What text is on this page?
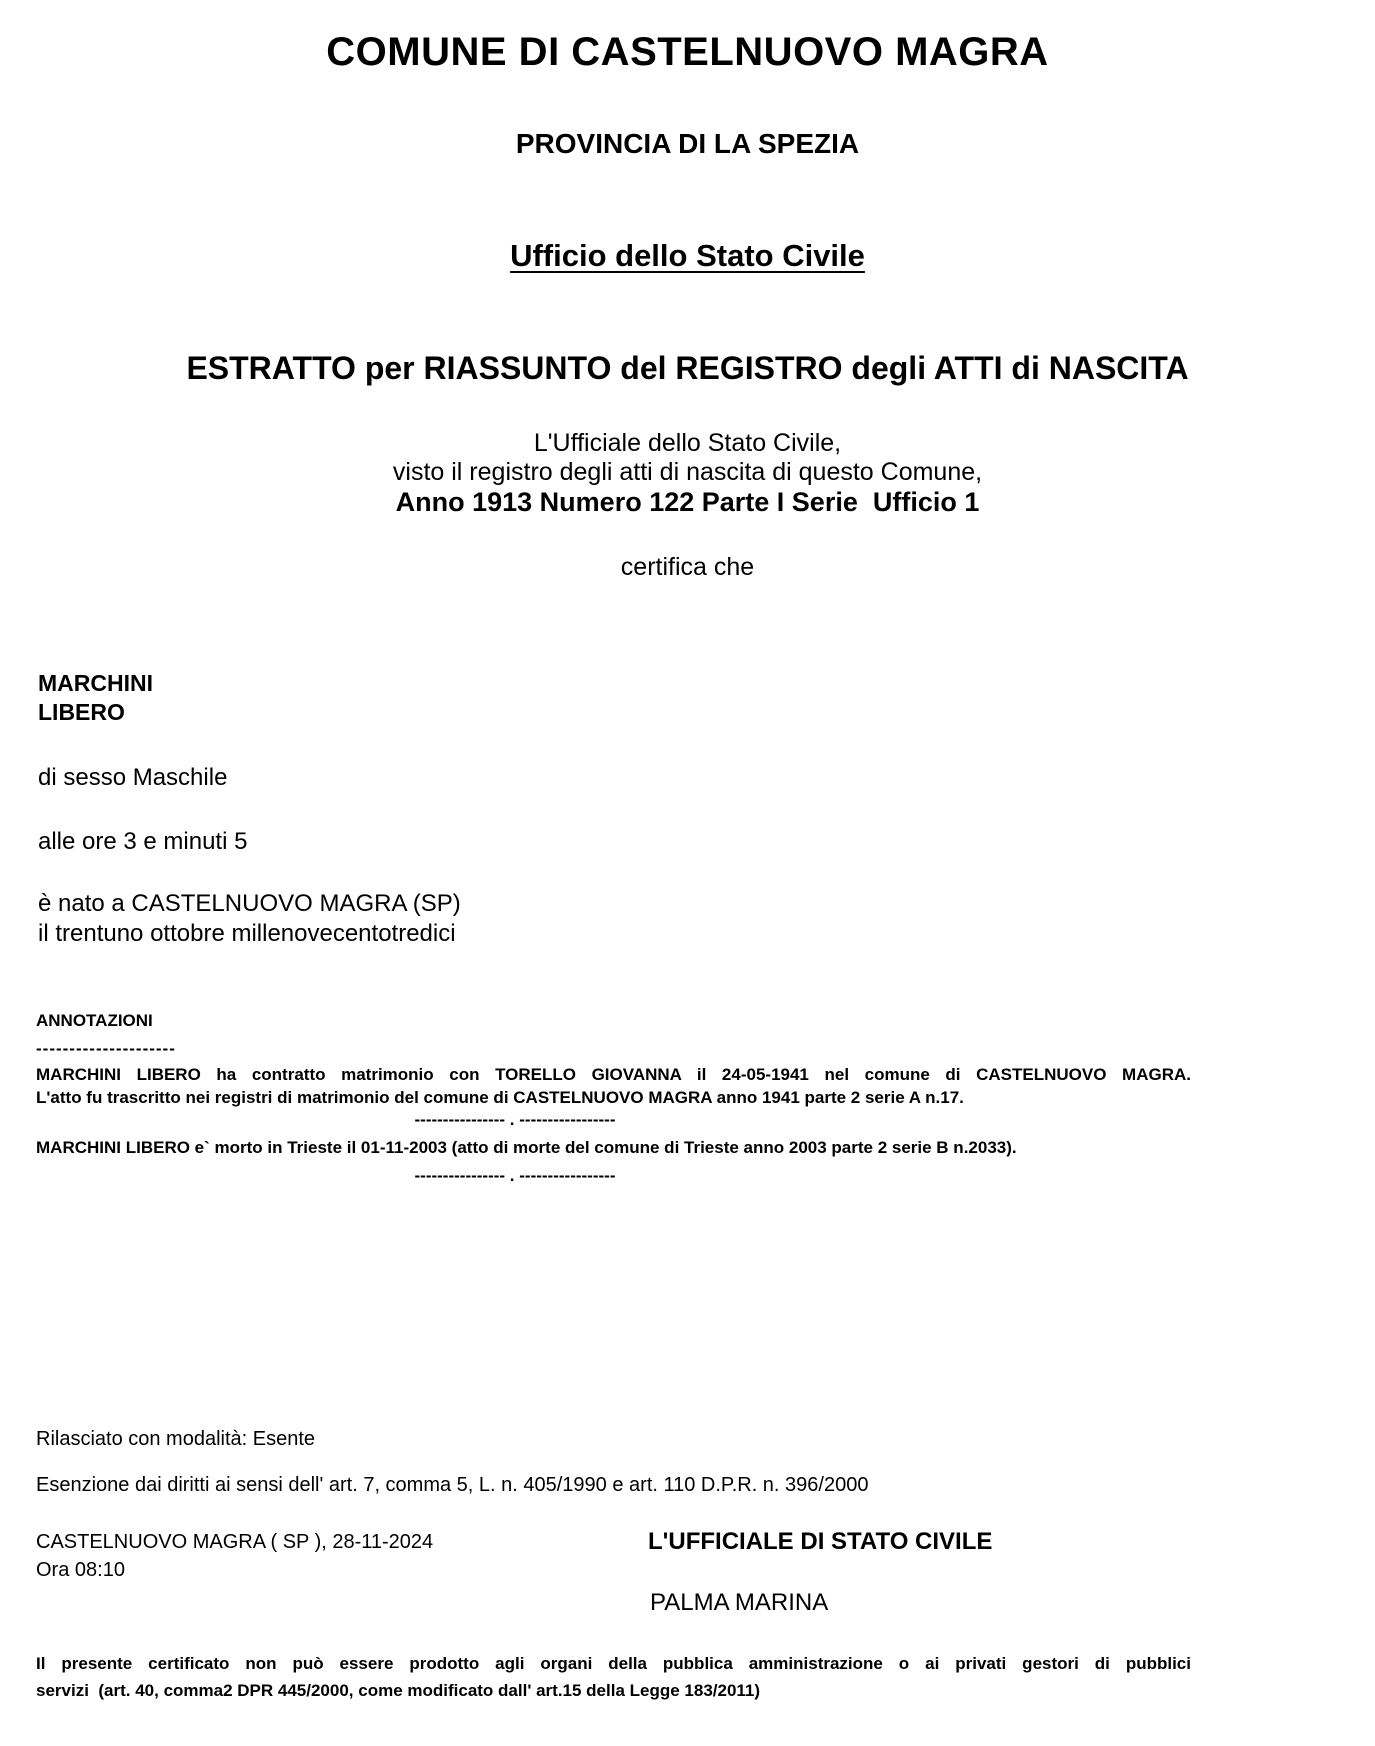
COMUNE DI CASTELNUOVO MAGRA
PROVINCIA DI LA SPEZIA
Ufficio dello Stato Civile
ESTRATTO per RIASSUNTO del REGISTRO degli ATTI di NASCITA
L'Ufficiale dello Stato Civile,
visto il registro degli atti di nascita di questo Comune,
Anno 1913 Numero 122 Parte I Serie  Ufficio 1
certifica che
MARCHINI
LIBERO
di sesso Maschile
alle ore 3 e minuti 5
è nato a CASTELNUOVO MAGRA (SP)
il trentuno ottobre millenovecentotredici
ANNOTAZIONI
---------------------
MARCHINI LIBERO ha contratto matrimonio con TORELLO GIOVANNA il 24-05-1941 nel comune di CASTELNUOVO MAGRA.
L'atto fu trascritto nei registri di matrimonio del comune di CASTELNUOVO MAGRA anno 1941 parte 2 serie A n.17.
---------------- . -----------------
MARCHINI LIBERO e` morto in Trieste il 01-11-2003 (atto di morte del comune di Trieste anno 2003 parte 2 serie B n.2033).
---------------- . -----------------
Rilasciato con modalità: Esente
Esenzione dai diritti ai sensi dell' art. 7, comma 5, L. n. 405/1990 e art. 110 D.P.R. n. 396/2000
CASTELNUOVO MAGRA ( SP ), 28-11-2024
Ora 08:10
L'UFFICIALE DI STATO CIVILE
PALMA MARINA
Il presente certificato non può essere prodotto agli organi della pubblica amministrazione o ai privati gestori di pubblici
servizi  (art. 40, comma2 DPR 445/2000, come modificato dall' art.15 della Legge 183/2011)
